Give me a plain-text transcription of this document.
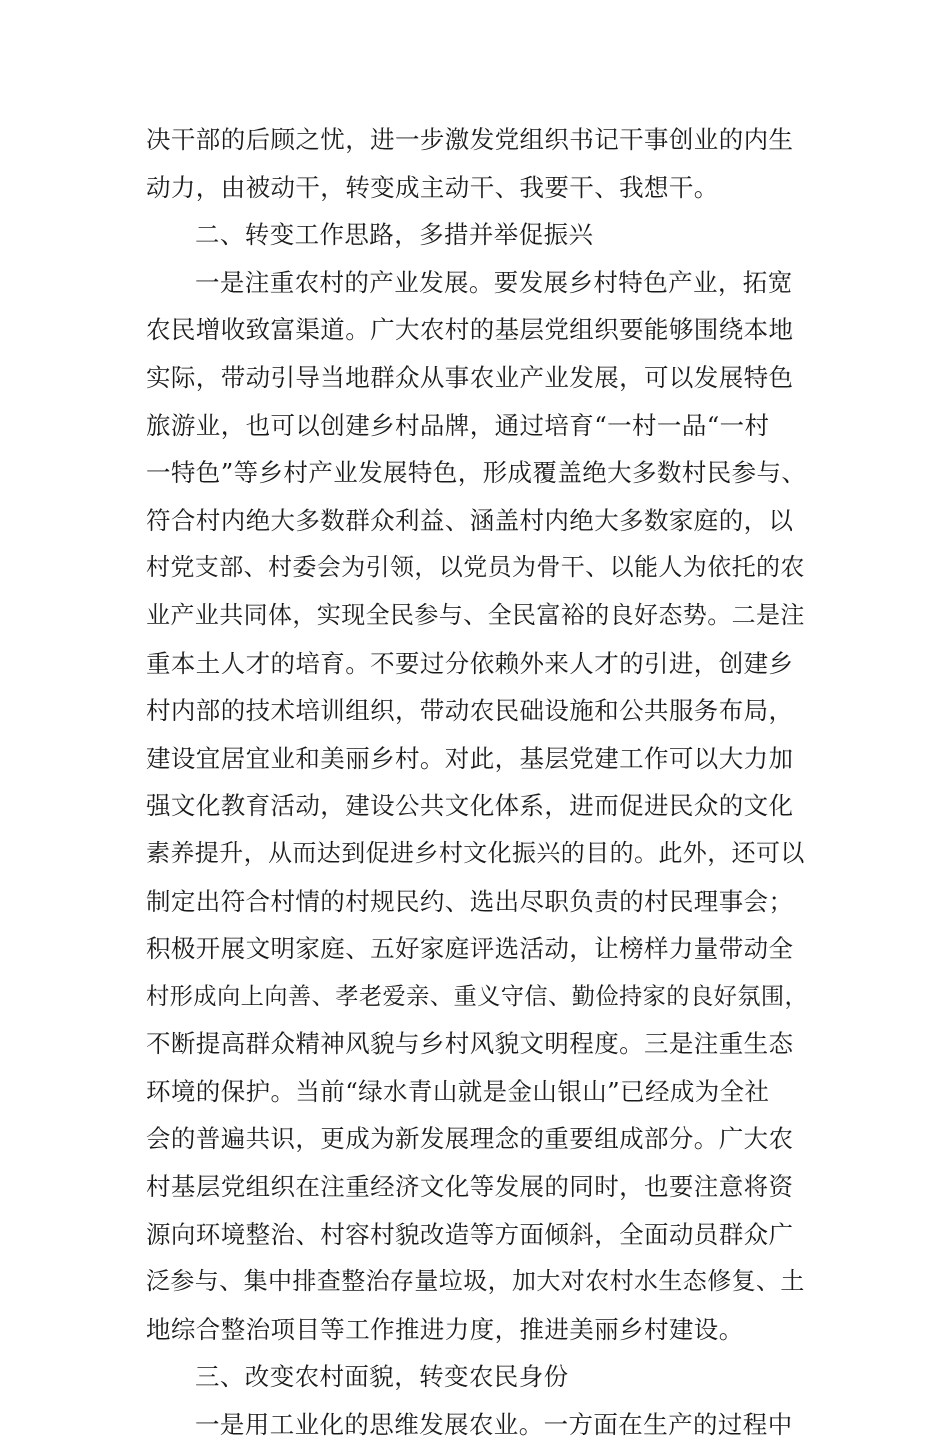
决干部的后顾之忧，进一步激发党组织书记干事创业的内生
动力，由被动干，转变成主动干、我要干、我想干。
二、转变工作思路，多措并举促振兴
一是注重农村的产业发展。要发展乡村特色产业，拓宽
农民增收致富渠道。广大农村的基层党组织要能够围绕本地
实际，带动引导当地群众从事农业产业发展，可以发展特色
旅游业，也可以创建乡村品牌，通过培育“一村一品“一村
一特色”等乡村产业发展特色，形成覆盖绝大多数村民参与、
符合村内绝大多数群众利益、涵盖村内绝大多数家庭的，以
村党支部、村委会为引领，以党员为骨干、以能人为依托的农
业产业共同体，实现全民参与、全民富裕的良好态势。二是注
重本土人才的培育。不要过分依赖外来人才的引进，创建乡
村内部的技术培训组织，带动农民础设施和公共服务布局，
建设宜居宜业和美丽乡村。对此，基层党建工作可以大力加
强文化教育活动，建设公共文化体系，进而促进民众的文化
素养提升，从而达到促进乡村文化振兴的目的。此外，还可以
制定出符合村情的村规民约、选出尽职负责的村民理事会；
积极开展文明家庭、五好家庭评选活动，让榜样力量带动全
村形成向上向善、孝老爱亲、重义守信、勤俭持家的良好氛围，
不断提高群众精神风貌与乡村风貌文明程度。三是注重生态
环境的保护。当前“绿水青山就是金山银山”已经成为全社
会的普遍共识，更成为新发展理念的重要组成部分。广大农
村基层党组织在注重经济文化等发展的同时，也要注意将资
源向环境整治、村容村貌改造等方面倾斜，全面动员群众广
泛参与、集中排查整治存量垃圾，加大对农村水生态修复、土
地综合整治项目等工作推进力度，推进美丽乡村建设。
三、改变农村面貌，转变农民身份
一是用工业化的思维发展农业。一方面在生产的过程中
